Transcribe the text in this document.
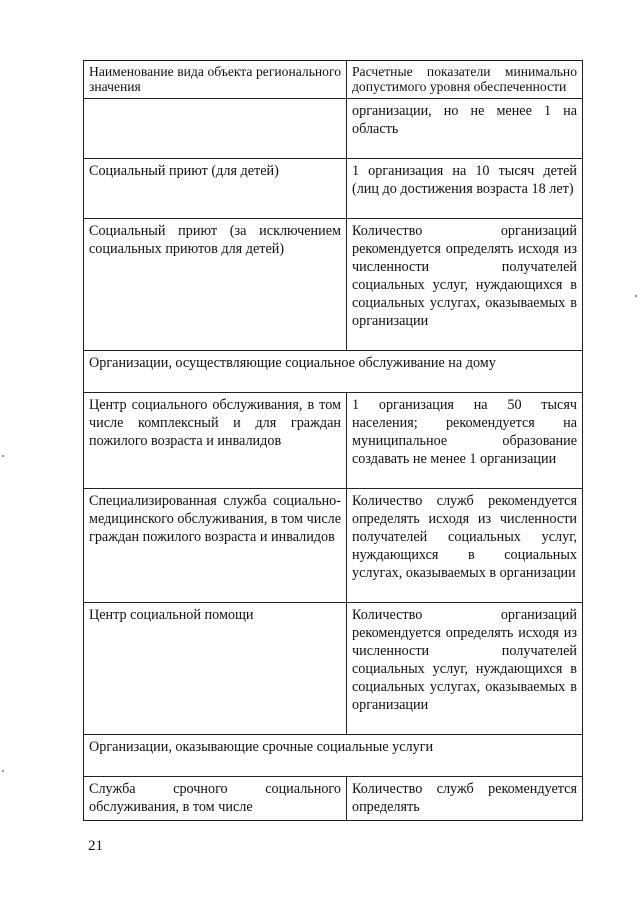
Наименование вида объекта регионального значения	Расчетные показатели минимально допустимого уровня обеспеченности
	организации, но не менее 1 на область
Социальный приют (для детей)	1 организация на 10 тысяч детей (лиц до достижения возраста 18 лет)
Социальный приют (за исключением социальных приютов для детей)	Количество организаций рекомендуется определять исходя из численности получателей социальных услуг, нуждающихся в социальных услугах, оказываемых в организации
Организации, осуществляющие социальное обслуживание на дому	
Центр социального обслуживания, в том числе комплексный и для граждан пожилого возраста и инвалидов	1 организация на 50 тысяч населения; рекомендуется на муниципальное образование создавать не менее 1 организации
Специализированная служба социально-медицинского обслуживания, в том числе граждан пожилого возраста и инвалидов	Количество служб рекомендуется определять исходя из численности получателей социальных услуг, нуждающихся в социальных услугах, оказываемых в организации
Центр социальной помощи	Количество организаций рекомендуется определять исходя из численности получателей социальных услуг, нуждающихся в социальных услугах, оказываемых в организации
Организации, оказывающие срочные социальные услуги	
Служба срочного социального обслуживания, в том числе	Количество служб рекомендуется определять
21
